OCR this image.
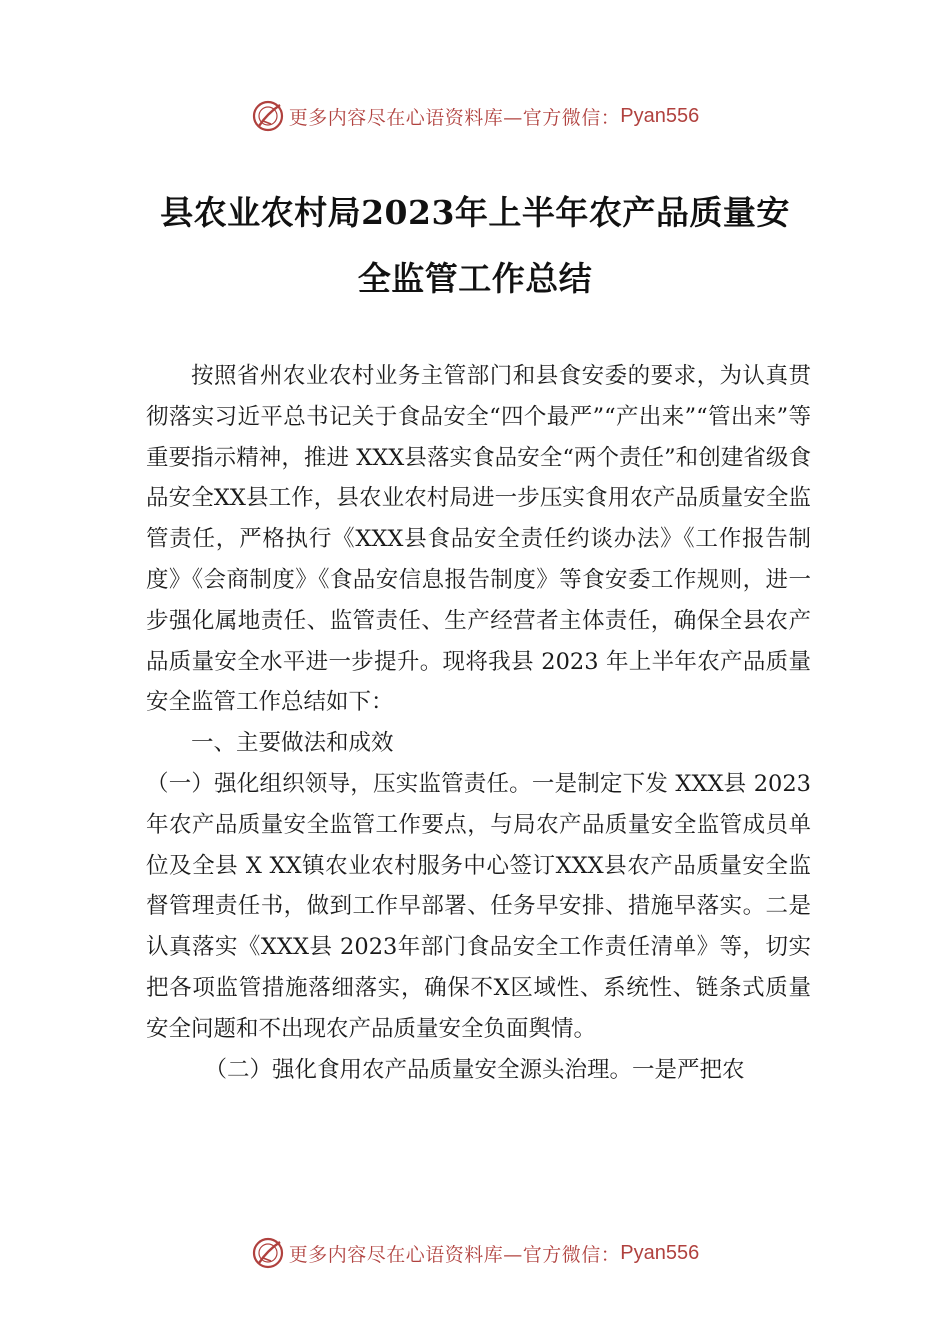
更多内容尽在心语资料库—官方微信： Pyan556
县农业农村局2023年上半年农产品质量安
全监管工作总结

按照省州农业农村业务主管部门和县食安委的要求，为认真贯彻落实习近平总书记关于食品安全“四个最严”“产出来”“管出来”等重要指示精神，推进 XXX县落实食品安全“两个责任”和创建省级食品安全XX县工作，县农业农村局进一步压实食用农产品质量安全监管责任，严格执行《XXX县食品安全责任约谈办法》《工作报告制度》《会商制度》《食品安信息报告制度》等食安委工作规则，进一步强化属地责任、监管责任、生产经营者主体责任，确保全县农产品质量安全水平进一步提升。现将我县 2023 年上半年农产品质量安全监管工作总结如下：

一、主要做法和成效

（一）强化组织领导，压实监管责任。一是制定下发 XXX县 2023 年农产品质量安全监管工作要点，与局农产品质量安全监管成员单位及全县 X XX镇农业农村服务中心签订XXX县农产品质量安全监督管理责任书，做到工作早部署、任务早安排、措施早落实。二是认真落实《XXX县 2023年部门食品安全工作责任清单》等，切实把各项监管措施落细落实，确保不X区域性、系统性、链条式质量安全问题和不出现农产品质量安全负面舆情。

（二）强化食用农产品质量安全源头治理。一是严把农

更多内容尽在心语资料库—官方微信： Pyan556
